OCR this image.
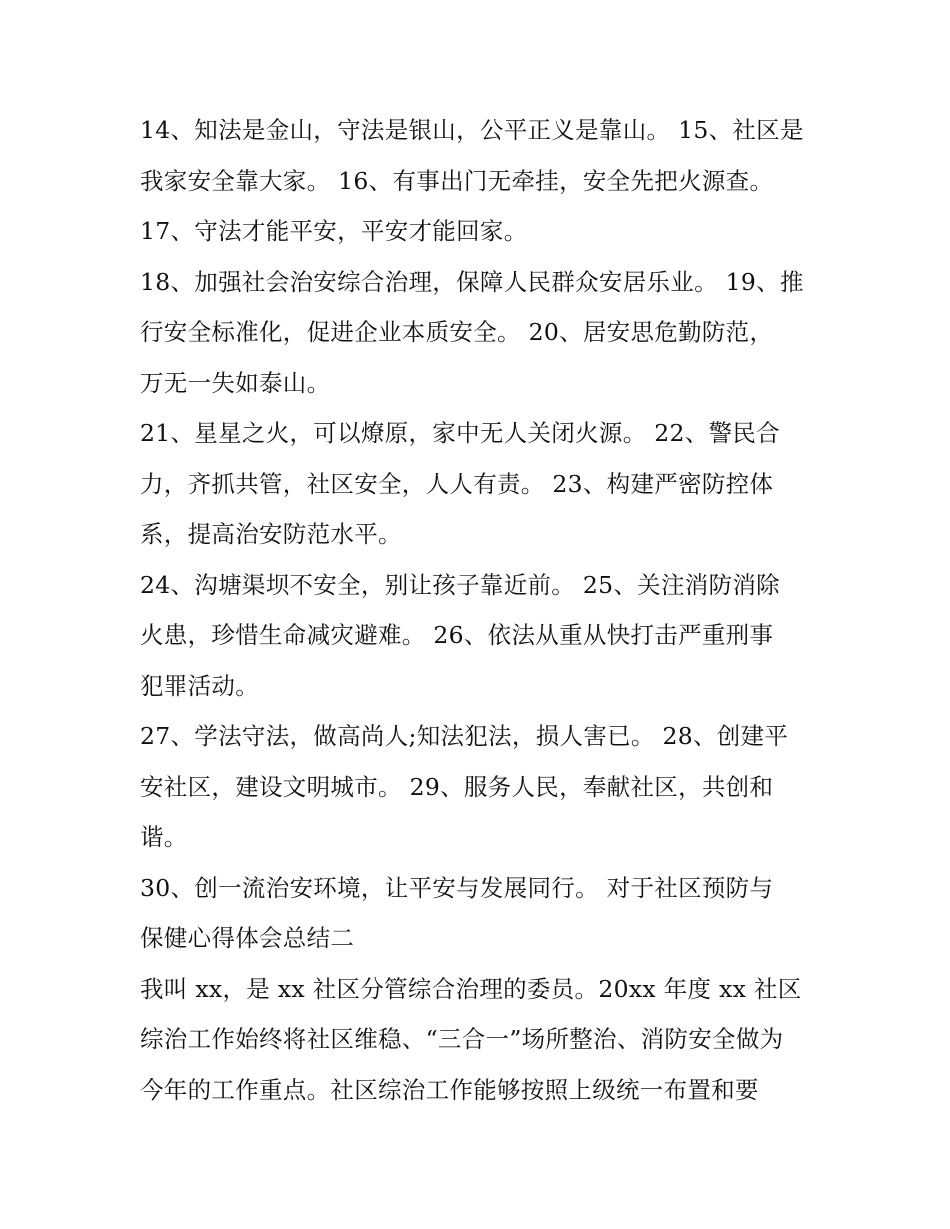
14、知法是金山，守法是银山，公平正义是靠山。 15、社区是
我家安全靠大家。 16、有事出门无牵挂，安全先把火源查。
17、守法才能平安，平安才能回家。
18、加强社会治安综合治理，保障人民群众安居乐业。 19、推
行安全标准化，促进企业本质安全。 20、居安思危勤防范，
万无一失如泰山。
21、星星之火，可以燎原，家中无人关闭火源。 22、警民合
力，齐抓共管，社区安全，人人有责。 23、构建严密防控体
系，提高治安防范水平。
24、沟塘渠坝不安全，别让孩子靠近前。 25、关注消防消除
火患，珍惜生命减灾避难。 26、依法从重从快打击严重刑事
犯罪活动。
27、学法守法，做高尚人;知法犯法，损人害已。 28、创建平
安社区，建设文明城市。 29、服务人民，奉献社区，共创和
谐。
30、创一流治安环境，让平安与发展同行。 对于社区预防与
保健心得体会总结二
我叫 xx，是 xx 社区分管综合治理的委员。20xx 年度 xx 社区
综治工作始终将社区维稳、“三合一”场所整治、消防安全做为
今年的工作重点。社区综治工作能够按照上级统一布置和要
